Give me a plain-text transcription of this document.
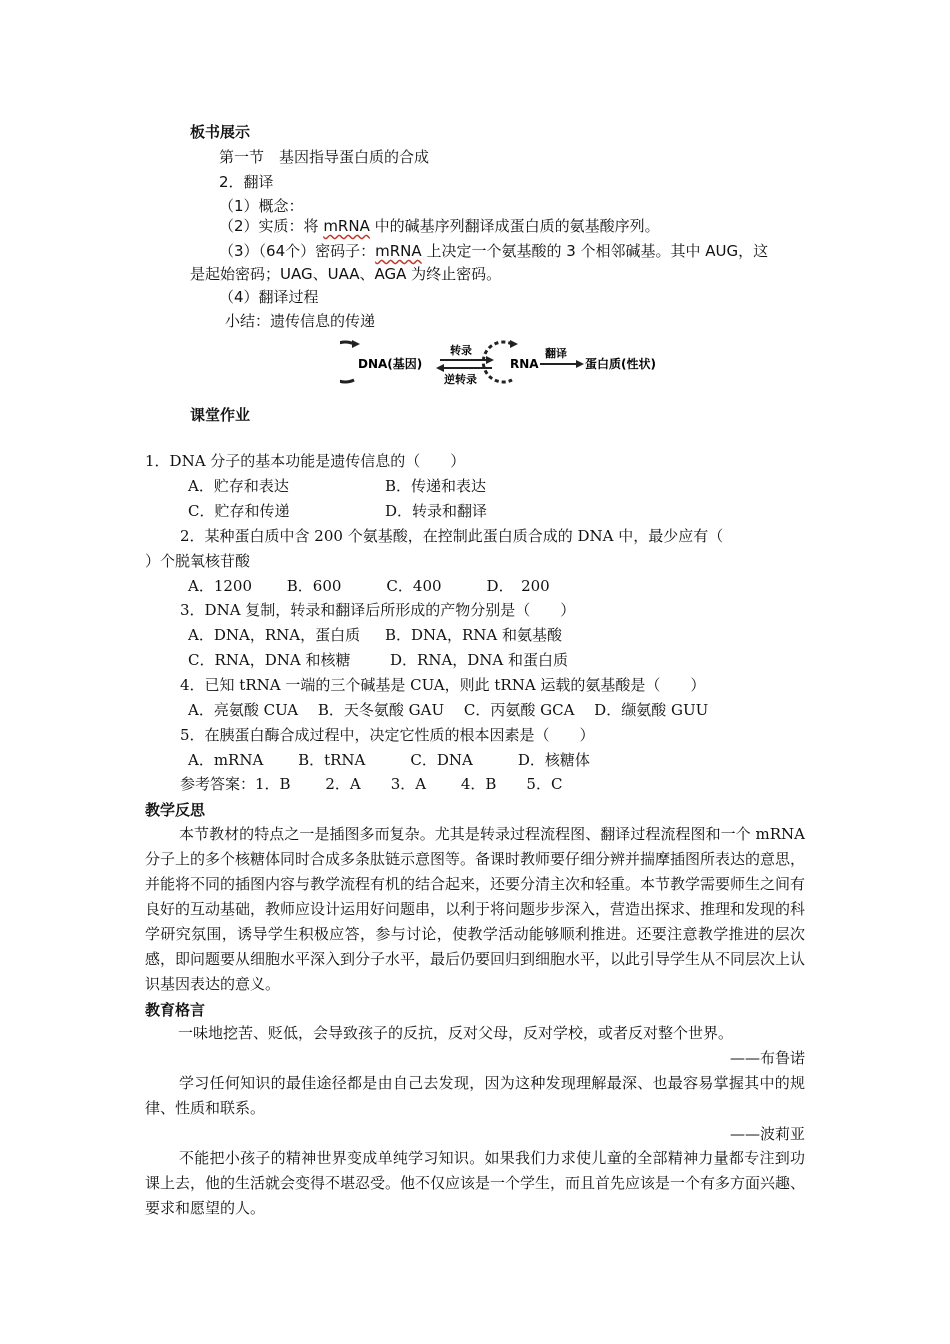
板书展示
第一节　基因指导蛋白质的合成
2．翻译
（1）概念：
（2）实质：将 mRNA 中的碱基序列翻译成蛋白质的氨基酸序列。
（3）（64个）密码子：mRNA 上决定一个氨基酸的 3 个相邻碱基。其中 AUG，这
是起始密码；UAG、UAA、AGA 为终止密码。
（4）翻译过程
小结：遗传信息的传递
DNA(基因)
转录
逆转录
RNA
翻译
蛋白质(性状)
课堂作业
1．DNA 分子的基本功能是遗传信息的（　　）
A．贮存和表达	B．传递和表达
C．贮存和传递	D．转录和翻译
2．某种蛋白质中含 200 个氨基酸，在控制此蛋白质合成的 DNA 中，最少应有（
）个脱氧核苷酸
A．1200　　 B．600　　　C．400　　　D．　200
3．DNA 复制，转录和翻译后所形成的产物分别是（　　）
A．DNA，RNA，蛋白质 B．DNA，RNA 和氨基酸
C．RNA，DNA 和核糖	D．RNA，DNA 和蛋白质
4．已知 tRNA 一端的三个碱基是 CUA，则此 tRNA 运载的氨基酸是（　　）
A．亮氨酸 CUA　 B．天冬氨酸 GAU　 C．丙氨酸 GCA　 D．缬氨酸 GUU
5．在胰蛋白酶合成过程中，决定它性质的根本因素是（　　）
A．mRNA　　 B．tRNA　　　C．DNA　　　D．核糖体
参考答案：1．B　　 2．A　　3．A　　 4．B　　5．C
教学反思
本节教材的特点之一是插图多而复杂。尤其是转录过程流程图、翻译过程流程图和一个 mRNA 分子上的多个核糖体同时合成多条肽链示意图等。备课时教师要仔细分辨并揣摩插图所表达的意思，并能将不同的插图内容与教学流程有机的结合起来，还要分清主次和轻重。本节教学需要师生之间有良好的互动基础，教师应设计运用好问题串，以利于将问题步步深入，营造出探求、推理和发现的科学研究氛围，诱导学生积极应答，参与讨论，使教学活动能够顺利推进。还要注意教学推进的层次感，即问题要从细胞水平深入到分子水平，最后仍要回归到细胞水平，以此引导学生从不同层次上认识基因表达的意义。
教育格言
一味地挖苦、贬低，会导致孩子的反抗，反对父母，反对学校，或者反对整个世界。
——布鲁诺
学习任何知识的最佳途径都是由自己去发现，因为这种发现理解最深、也最容易掌握其中的规律、性质和联系。
——波莉亚
不能把小孩子的精神世界变成单纯学习知识。如果我们力求使儿童的全部精神力量都专注到功课上去，他的生活就会变得不堪忍受。他不仅应该是一个学生，而且首先应该是一个有多方面兴趣、要求和愿望的人。
